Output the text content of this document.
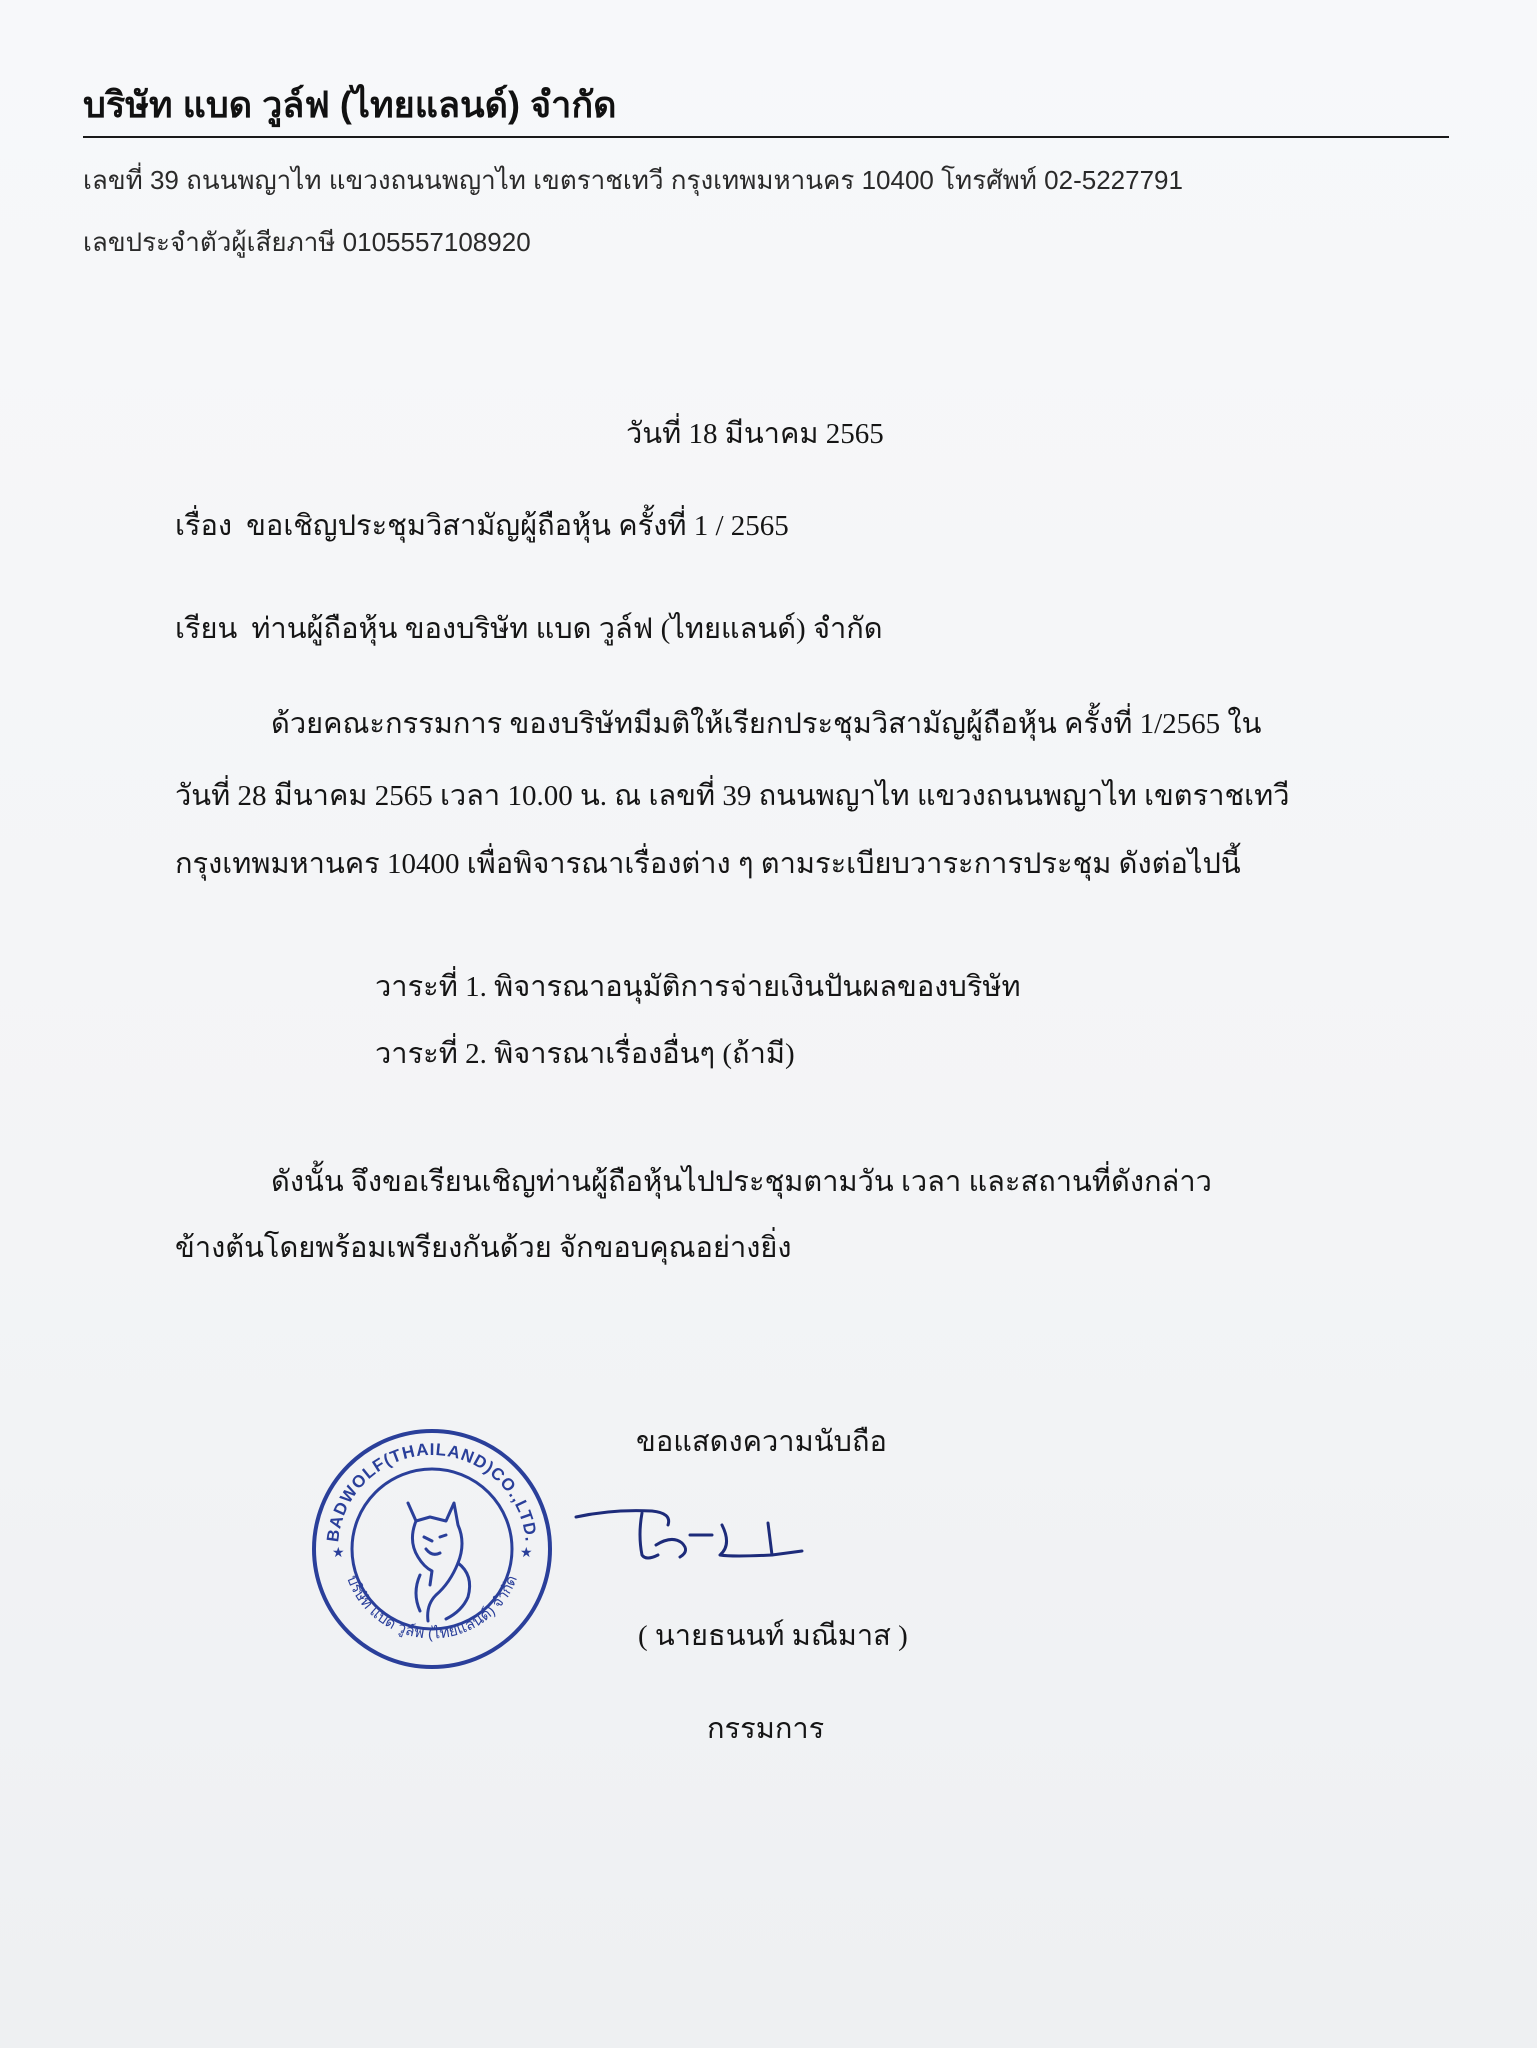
บริษัท แบด วูล์ฟ (ไทยแลนด์) จำกัด
เลขที่ 39 ถนนพญาไท แขวงถนนพญาไท เขตราชเทวี กรุงเทพมหานคร 10400 โทรศัพท์ 02-5227791
เลขประจำตัวผู้เสียภาษี 0105557108920
วันที่ 18 มีนาคม 2565
เรื่อง ขอเชิญประชุมวิสามัญผู้ถือหุ้น ครั้งที่ 1 / 2565
เรียน ท่านผู้ถือหุ้น ของบริษัท แบด วูล์ฟ (ไทยแลนด์) จำกัด
ด้วยคณะกรรมการ ของบริษัทมีมติให้เรียกประชุมวิสามัญผู้ถือหุ้น ครั้งที่ 1/2565 ใน
วันที่ 28 มีนาคม 2565 เวลา 10.00 น. ณ เลขที่ 39 ถนนพญาไท แขวงถนนพญาไท เขตราชเทวี
กรุงเทพมหานคร 10400 เพื่อพิจารณาเรื่องต่าง ๆ ตามระเบียบวาระการประชุม ดังต่อไปนี้
วาระที่ 1. พิจารณาอนุมัติการจ่ายเงินปันผลของบริษัท
วาระที่ 2. พิจารณาเรื่องอื่นๆ (ถ้ามี)
ดังนั้น จึงขอเรียนเชิญท่านผู้ถือหุ้นไปประชุมตามวัน เวลา และสถานที่ดังกล่าว
ข้างต้นโดยพร้อมเพรียงกันด้วย จักขอบคุณอย่างยิ่ง
ขอแสดงความนับถือ
BADWOLF(THAILAND)CO.,LTD.
บริษัท แบด วูล์ฟ (ไทยแลนด์) จำกัด
★	★
( นายธนนท์ มณีมาส )
กรรมการ
